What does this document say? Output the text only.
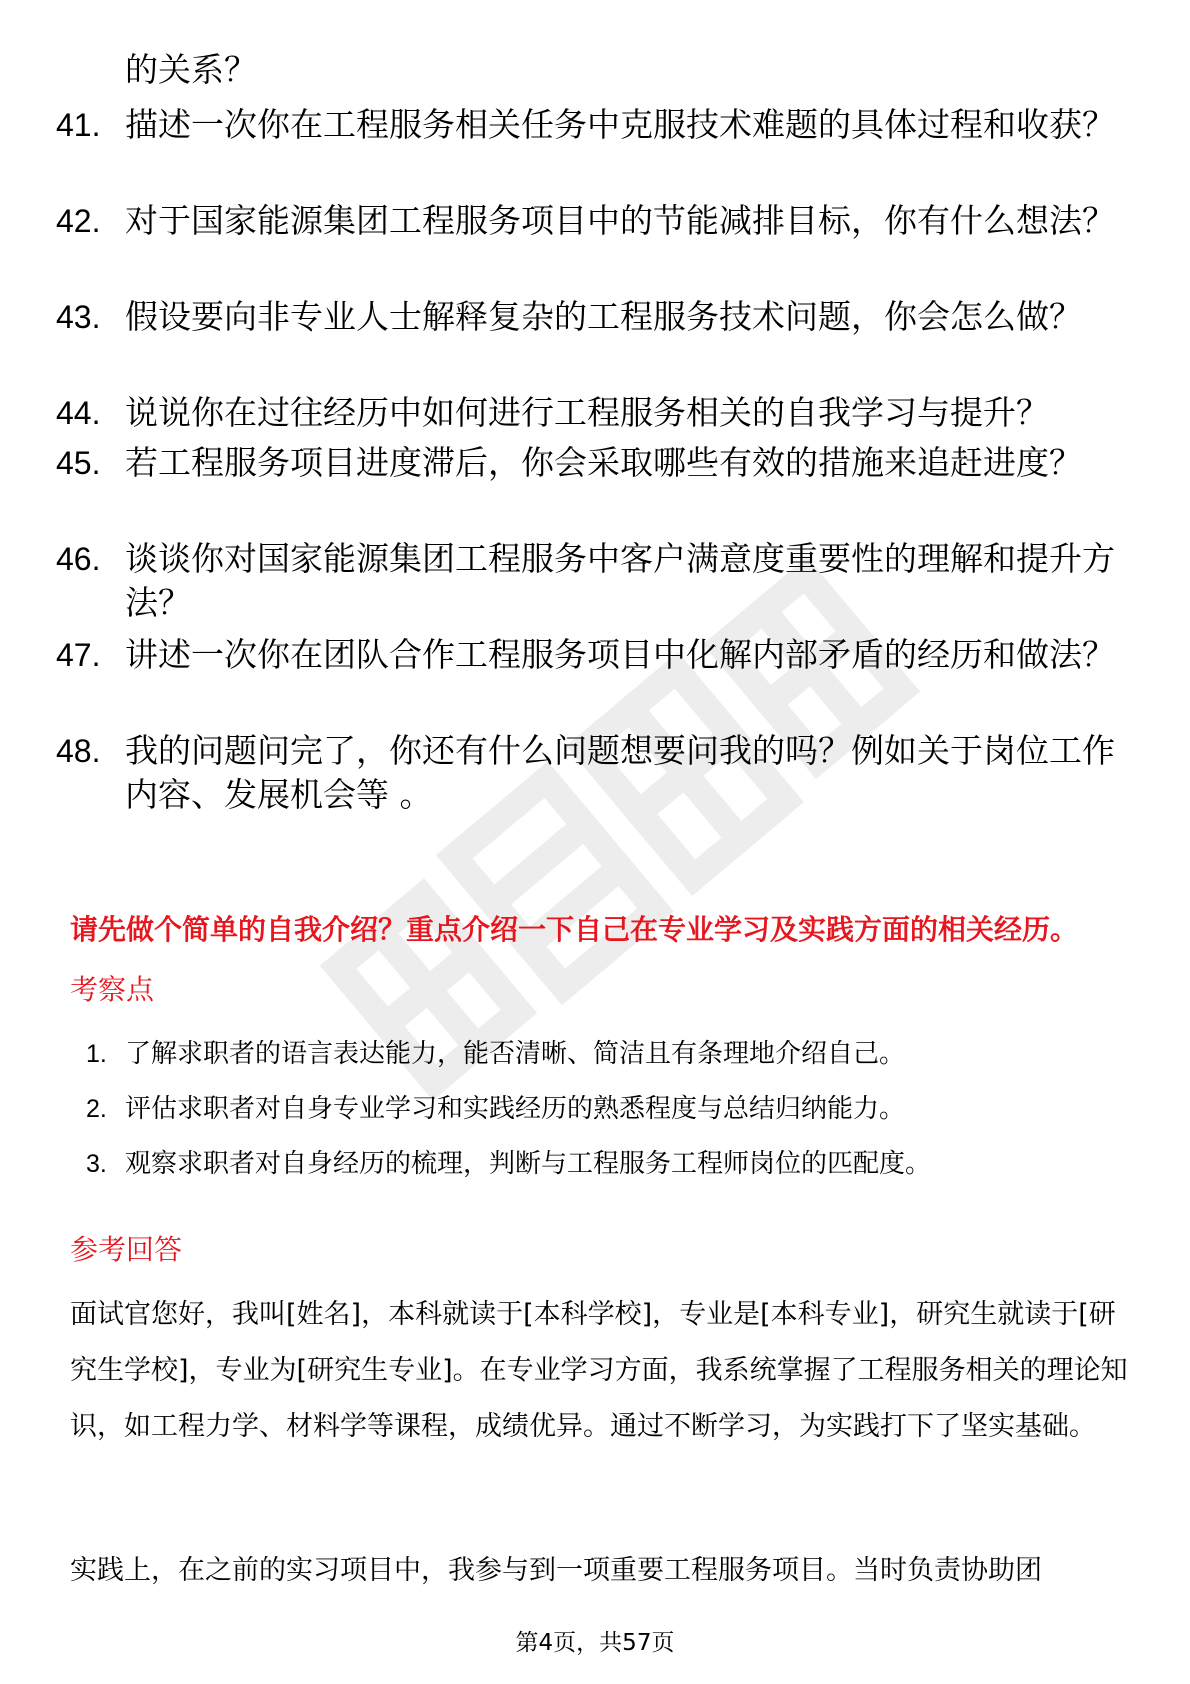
的关系？

41. 描述一次你在工程服务相关任务中克服技术难题的具体过程和收获？

42. 对于国家能源集团工程服务项目中的节能减排目标，你有什么想法？

43. 假设要向非专业人士解释复杂的工程服务技术问题，你会怎么做？

44. 说说你在过往经历中如何进行工程服务相关的自我学习与提升？

45. 若工程服务项目进度滞后，你会采取哪些有效的措施来追赶进度？

46. 谈谈你对国家能源集团工程服务中客户满意度重要性的理解和提升方法？

47. 讲述一次你在团队合作工程服务项目中化解内部矛盾的经历和做法？

48. 我的问题问完了，你还有什么问题想要问我的吗？例如关于岗位工作内容、发展机会等 。

请先做个简单的自我介绍？重点介绍一下自己在专业学习及实践方面的相关经历。

考察点

1. 了解求职者的语言表达能力，能否清晰、简洁且有条理地介绍自己。

2. 评估求职者对自身专业学习和实践经历的熟悉程度与总结归纳能力。

3. 观察求职者对自身经历的梳理，判断与工程服务工程师岗位的匹配度。

参考回答

面试官您好，我叫[姓名]，本科就读于[本科学校]，专业是[本科专业]，研究生就读于[研究生学校]，专业为[研究生专业]。在专业学习方面，我系统掌握了工程服务相关的理论知识，如工程力学、材料学等课程，成绩优异。通过不断学习，为实践打下了坚实基础。

实践上，在之前的实习项目中，我参与到一项重要工程服务项目。当时负责协助团

第4页，共57页
